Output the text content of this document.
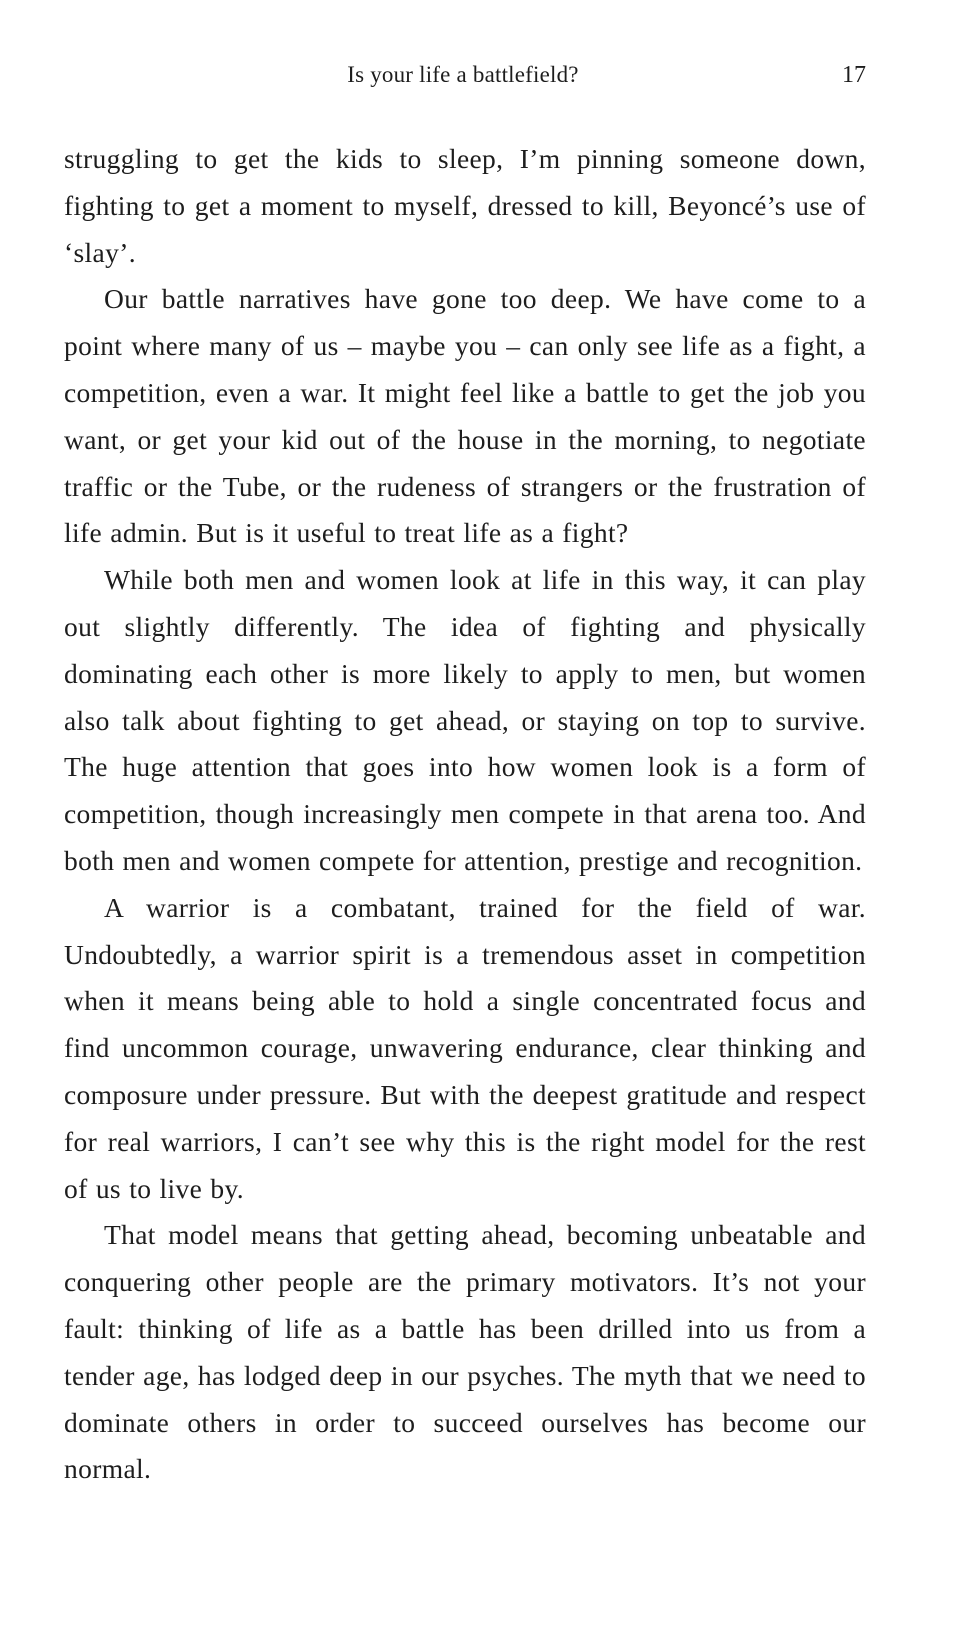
Is your life a battlefield?	17

struggling to get the kids to sleep, I’m pinning someone down, fighting to get a moment to myself, dressed to kill, Beyoncé’s use of ‘slay’.

Our battle narratives have gone too deep. We have come to a point where many of us – maybe you – can only see life as a fight, a competition, even a war. It might feel like a battle to get the job you want, or get your kid out of the house in the morning, to negotiate traffic or the Tube, or the rudeness of strangers or the frustration of life admin. But is it useful to treat life as a fight?

While both men and women look at life in this way, it can play out slightly differently. The idea of fighting and physically dominating each other is more likely to apply to men, but women also talk about fighting to get ahead, or staying on top to survive. The huge attention that goes into how women look is a form of competition, though increasingly men compete in that arena too. And both men and women compete for attention, prestige and recognition.

A warrior is a combatant, trained for the field of war. Undoubtedly, a warrior spirit is a tremendous asset in competition when it means being able to hold a single concentrated focus and find uncommon courage, unwavering endurance, clear thinking and composure under pressure. But with the deepest gratitude and respect for real warriors, I can’t see why this is the right model for the rest of us to live by.

That model means that getting ahead, becoming unbeatable and conquering other people are the primary motivators. It’s not your fault: thinking of life as a battle has been drilled into us from a tender age, has lodged deep in our psyches. The myth that we need to dominate others in order to succeed ourselves has become our normal.
